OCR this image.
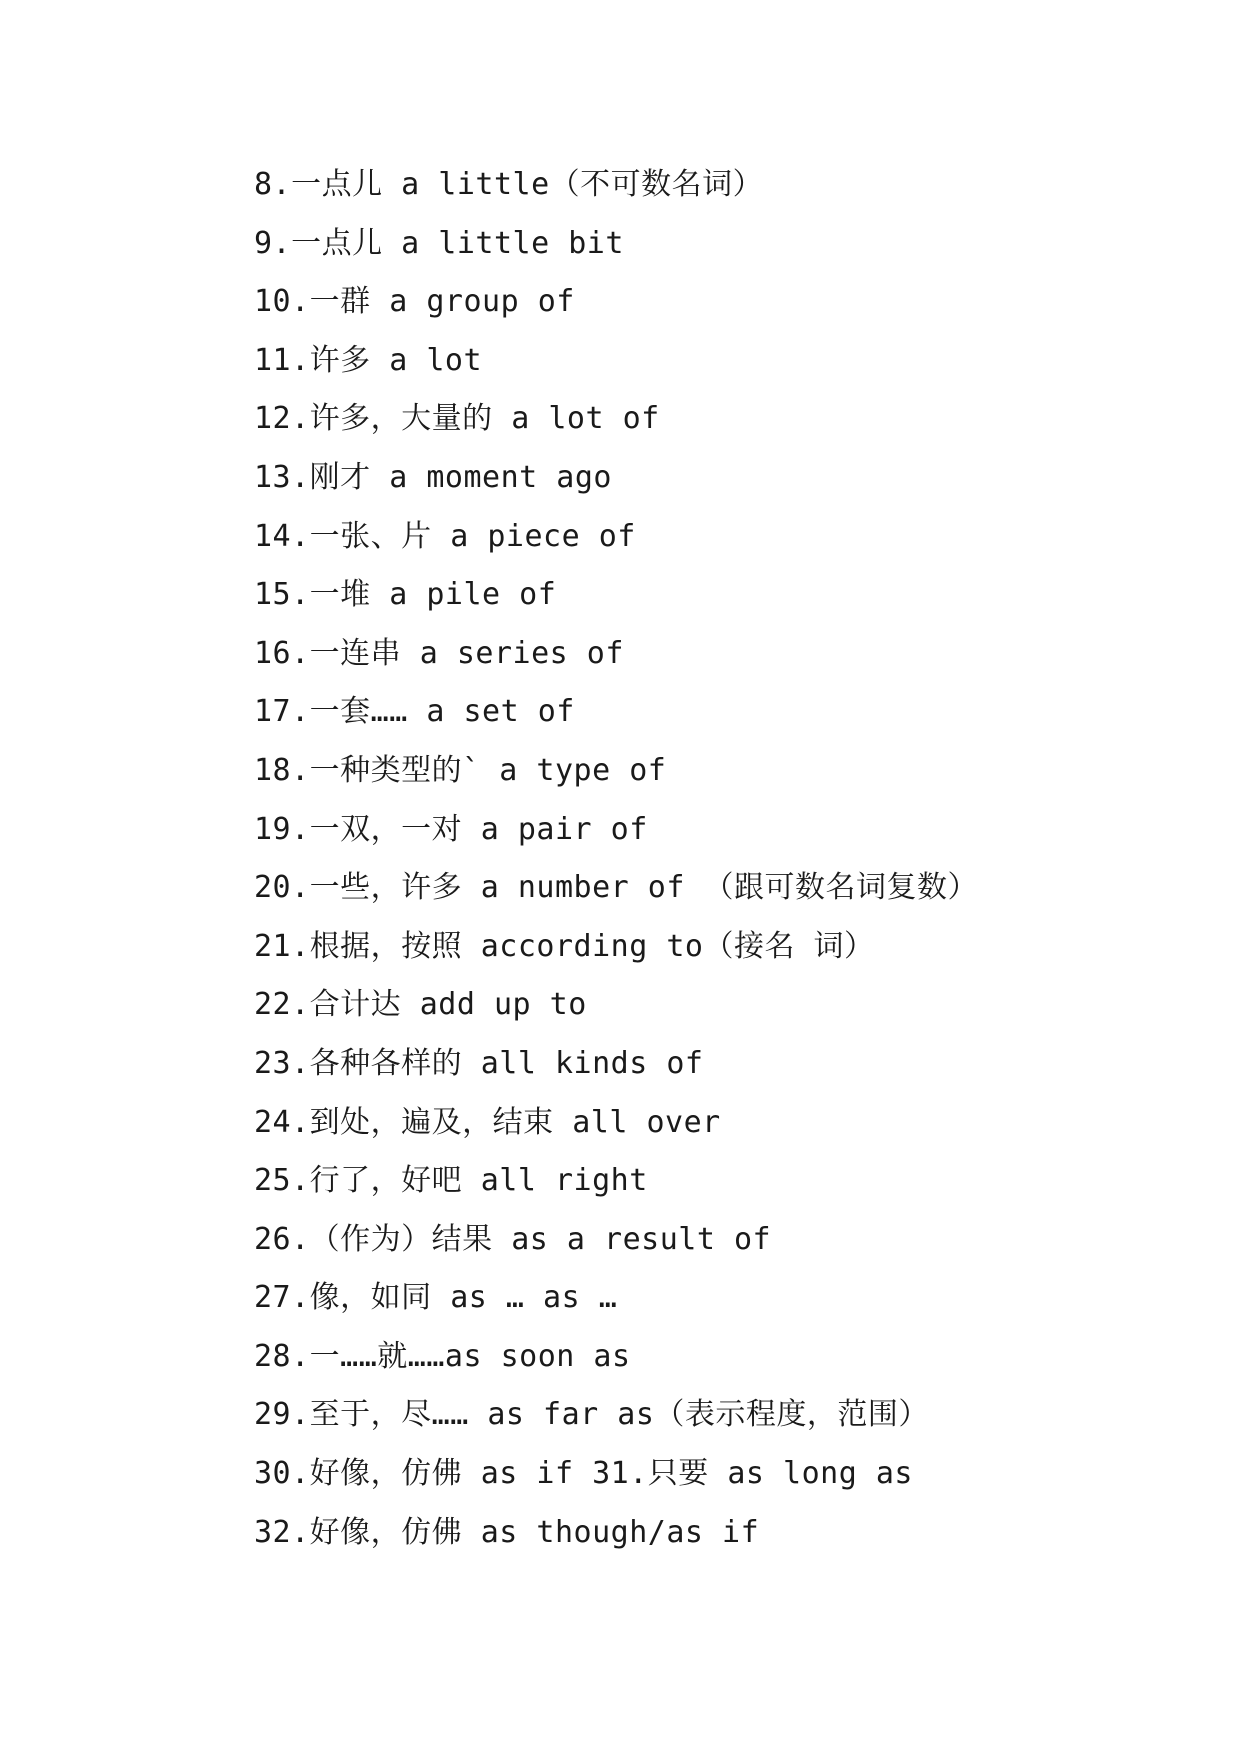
8.一点儿 a little（不可数名词）
9.一点儿 a little bit
10.一群 a group of
11.许多 a lot
12.许多，大量的 a lot of
13.刚才 a moment ago
14.一张、片 a piece of
15.一堆 a pile of
16.一连串 a series of
17.一套…… a set of
18.一种类型的` a type of
19.一双，一对 a pair of
20.一些，许多 a number of （跟可数名词复数）
21.根据，按照 according to（接名 词）
22.合计达 add up to
23.各种各样的 all kinds of
24.到处，遍及，结束 all over
25.行了，好吧 all right
26.（作为）结果 as a result of
27.像，如同 as … as …
28.一……就……as soon as
29.至于，尽…… as far as（表示程度，范围）
30.好像，仿佛 as if 31.只要 as long as
32.好像，仿佛 as though/as if
